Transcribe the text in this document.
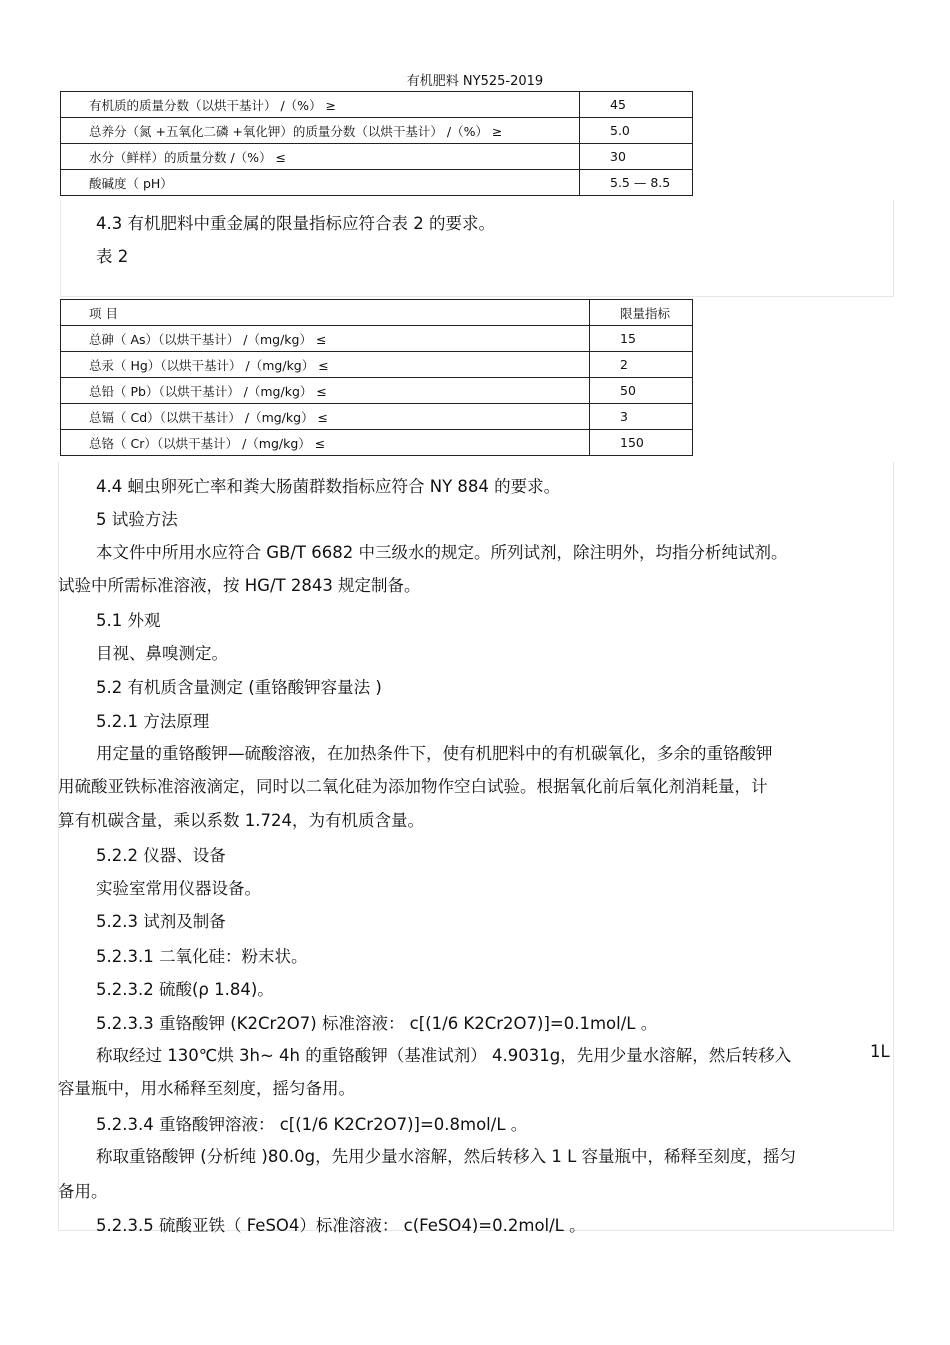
有机肥料 NY525-2019
有机质的质量分数（以烘干基计） /（%） ≥	45
总养分（氮 +五氧化二磷 +氧化钾）的质量分数（以烘干基计） /（%） ≥	5.0
水分（鲜样）的质量分数 /（%） ≤	30
酸碱度（ pH）	5.5 — 8.5
4.3 有机肥料中重金属的限量指标应符合表 2 的要求。
表 2
项 目	限量指标
总砷（ As）（以烘干基计） /（mg/kg） ≤	15
总汞（ Hg）（以烘干基计） /（mg/kg） ≤	2
总铅（ Pb）（以烘干基计） /（mg/kg） ≤	50
总镉（ Cd）（以烘干基计） /（mg/kg） ≤	3
总铬（ Cr）（以烘干基计） /（mg/kg） ≤	150
4.4 蛔虫卵死亡率和粪大肠菌群数指标应符合 NY 884 的要求。
5 试验方法
本文件中所用水应符合 GB/T 6682 中三级水的规定。所列试剂，除注明外，均指分析纯试剂。
试验中所需标准溶液，按 HG/T 2843 规定制备。
5.1 外观
目视、鼻嗅测定。
5.2 有机质含量测定 (重铬酸钾容量法 )
5.2.1 方法原理
用定量的重铬酸钾—硫酸溶液，在加热条件下，使有机肥料中的有机碳氧化，多余的重铬酸钾
用硫酸亚铁标准溶液滴定，同时以二氧化硅为添加物作空白试验。根据氧化前后氧化剂消耗量，计
算有机碳含量，乘以系数 1.724，为有机质含量。
5.2.2 仪器、设备
实验室常用仪器设备。
5.2.3 试剂及制备
5.2.3.1 二氧化硅：粉末状。
5.2.3.2 硫酸(ρ 1.84)。
5.2.3.3 重铬酸钾 (K2Cr2O7) 标准溶液： c[(1/6 K2Cr2O7)]=0.1mol/L 。
称取经过 130℃烘 3h~ 4h 的重铬酸钾（基准试剂） 4.9031g，先用少量水溶解，然后转移入	1L
容量瓶中，用水稀释至刻度，摇匀备用。
5.2.3.4 重铬酸钾溶液： c[(1/6 K2Cr2O7)]=0.8mol/L 。
称取重铬酸钾 (分析纯 )80.0g，先用少量水溶解，然后转移入 1 L 容量瓶中，稀释至刻度，摇匀
备用。
5.2.3.5 硫酸亚铁（ FeSO4）标准溶液： c(FeSO4)=0.2mol/L 。
